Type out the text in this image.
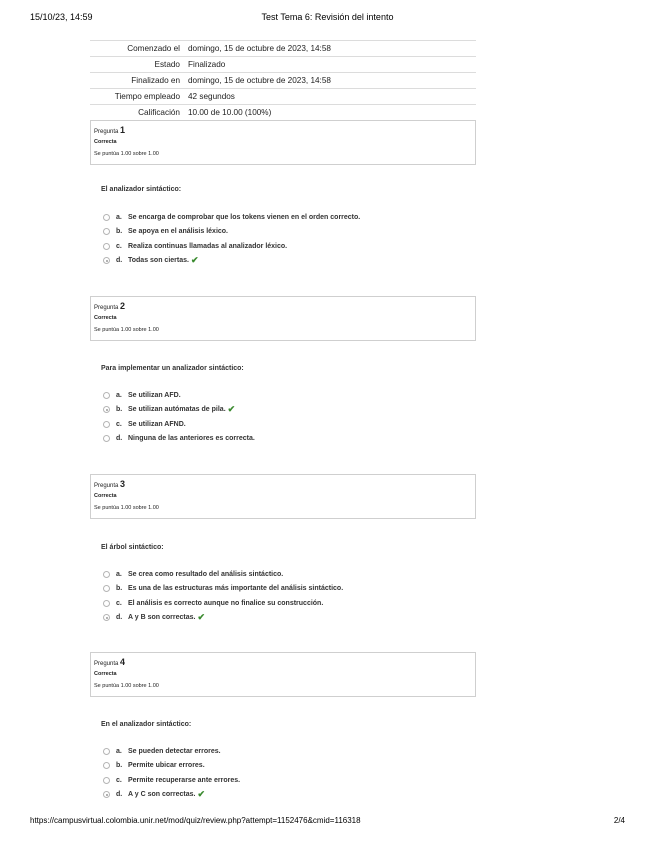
15/10/23, 14:59	Test Tema 6: Revisión del intento
Comenzado el	domingo, 15 de octubre de 2023, 14:58
Estado	Finalizado
Finalizado en	domingo, 15 de octubre de 2023, 14:58
Tiempo empleado	42 segundos
Calificación	10.00 de 10.00 (100%)
Pregunta 1
Correcta
Se puntúa 1.00 sobre 1.00
El analizador sintáctico:
a. Se encarga de comprobar que los tokens vienen en el orden correcto.
b. Se apoya en el análisis léxico.
c. Realiza continuas llamadas al analizador léxico.
d. Todas son ciertas. ✔
Pregunta 2
Correcta
Se puntúa 1.00 sobre 1.00
Para implementar un analizador sintáctico:
a. Se utilizan AFD.
b. Se utilizan autómatas de pila. ✔
c. Se utilizan AFND.
d. Ninguna de las anteriores es correcta.
Pregunta 3
Correcta
Se puntúa 1.00 sobre 1.00
El árbol sintáctico:
a. Se crea como resultado del análisis sintáctico.
b. Es una de las estructuras más importante del análisis sintáctico.
c. El análisis es correcto aunque no finalice su construcción.
d. A y B son correctas. ✔
Pregunta 4
Correcta
Se puntúa 1.00 sobre 1.00
En el analizador sintáctico:
a. Se pueden detectar errores.
b. Permite ubicar errores.
c. Permite recuperarse ante errores.
d. A y C son correctas. ✔
https://campusvirtual.colombia.unir.net/mod/quiz/review.php?attempt=1152476&cmid=116318	2/4
